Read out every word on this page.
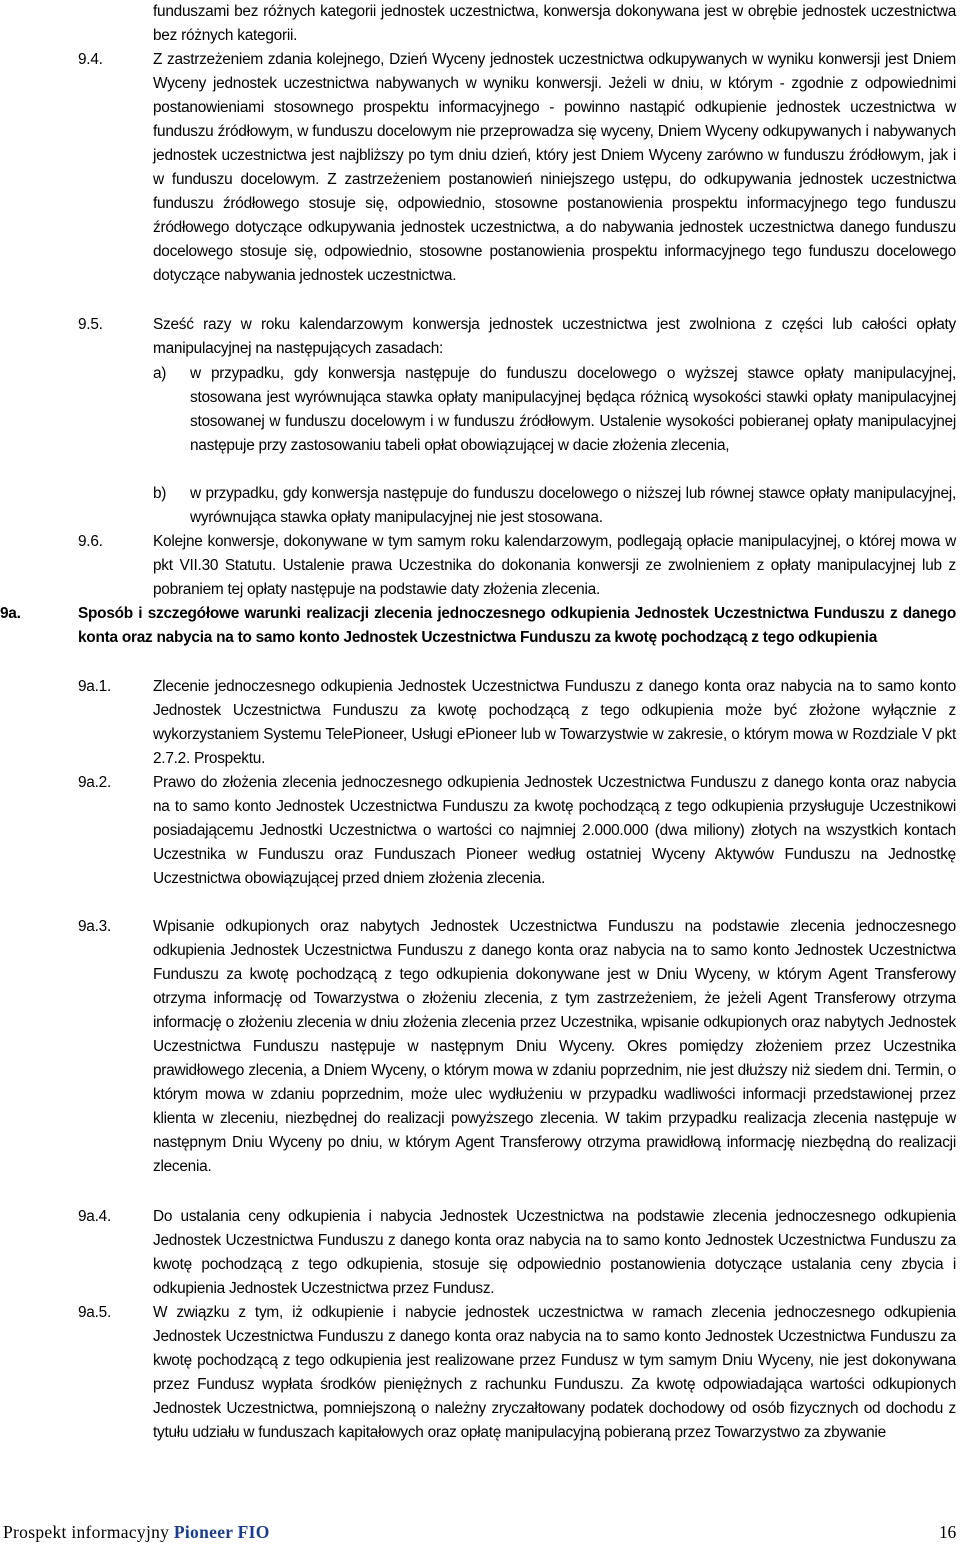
funduszami bez różnych kategorii jednostek uczestnictwa, konwersja dokonywana jest w obrębie jednostek uczestnictwa bez różnych kategorii.

9.4.	Z zastrzeżeniem zdania kolejnego, Dzień Wyceny jednostek uczestnictwa odkupywanych w wyniku konwersji jest Dniem Wyceny jednostek uczestnictwa nabywanych w wyniku konwersji. Jeżeli w dniu, w którym - zgodnie z odpowiednimi postanowieniami stosownego prospektu informacyjnego - powinno nastąpić odkupienie jednostek uczestnictwa w funduszu źródłowym, w funduszu docelowym nie przeprowadza się wyceny, Dniem Wyceny odkupywanych i nabywanych jednostek uczestnictwa jest najbliższy po tym dniu dzień, który jest Dniem Wyceny zarówno w funduszu źródłowym, jak i w funduszu docelowym. Z zastrzeżeniem postanowień niniejszego ustępu, do odkupywania jednostek uczestnictwa funduszu źródłowego stosuje się, odpowiednio, stosowne postanowienia prospektu informacyjnego tego funduszu źródłowego dotyczące odkupywania jednostek uczestnictwa, a do nabywania jednostek uczestnictwa danego funduszu docelowego stosuje się, odpowiednio, stosowne postanowienia prospektu informacyjnego tego funduszu docelowego dotyczące nabywania jednostek uczestnictwa.

9.5.	Sześć razy w roku kalendarzowym konwersja jednostek uczestnictwa jest zwolniona z części lub całości opłaty manipulacyjnej na następujących zasadach:

a) w przypadku, gdy konwersja następuje do funduszu docelowego o wyższej stawce opłaty manipulacyjnej, stosowana jest wyrównująca stawka opłaty manipulacyjnej będąca różnicą wysokości stawki opłaty manipulacyjnej stosowanej w funduszu docelowym i w funduszu źródłowym. Ustalenie wysokości pobieranej opłaty manipulacyjnej następuje przy zastosowaniu tabeli opłat obowiązującej w dacie złożenia zlecenia,

b) w przypadku, gdy konwersja następuje do funduszu docelowego o niższej lub równej stawce opłaty manipulacyjnej, wyrównująca stawka opłaty manipulacyjnej nie jest stosowana.

9.6.	Kolejne konwersje, dokonywane w tym samym roku kalendarzowym, podlegają opłacie manipulacyjnej, o której mowa w pkt VII.30 Statutu. Ustalenie prawa Uczestnika do dokonania konwersji ze zwolnieniem z opłaty manipulacyjnej lub z pobraniem tej opłaty następuje na podstawie daty złożenia zlecenia.

9a.	Sposób i szczegółowe warunki realizacji zlecenia jednoczesnego odkupienia Jednostek Uczestnictwa Funduszu z danego konta oraz nabycia na to samo konto Jednostek Uczestnictwa Funduszu za kwotę pochodzącą z tego odkupienia

9a.1.	Zlecenie jednoczesnego odkupienia Jednostek Uczestnictwa Funduszu z danego konta oraz nabycia na to samo konto Jednostek Uczestnictwa Funduszu za kwotę pochodzącą z tego odkupienia może być złożone wyłącznie z wykorzystaniem Systemu TelePioneer, Usługi ePioneer lub w Towarzystwie w zakresie, o którym mowa w Rozdziale V pkt 2.7.2. Prospektu.

9a.2.	Prawo do złożenia zlecenia jednoczesnego odkupienia Jednostek Uczestnictwa Funduszu z danego konta oraz nabycia na to samo konto Jednostek Uczestnictwa Funduszu za kwotę pochodzącą z tego odkupienia przysługuje Uczestnikowi posiadającemu Jednostki Uczestnictwa o wartości co najmniej 2.000.000 (dwa miliony) złotych na wszystkich kontach Uczestnika w Funduszu oraz Funduszach Pioneer według ostatniej Wyceny Aktywów Funduszu na Jednostkę Uczestnictwa obowiązującej przed dniem złożenia zlecenia.

9a.3.	Wpisanie odkupionych oraz nabytych Jednostek Uczestnictwa Funduszu na podstawie zlecenia jednoczesnego odkupienia Jednostek Uczestnictwa Funduszu z danego konta oraz nabycia na to samo konto Jednostek Uczestnictwa Funduszu za kwotę pochodzącą z tego odkupienia dokonywane jest w Dniu Wyceny, w którym Agent Transferowy otrzyma informację od Towarzystwa o złożeniu zlecenia, z tym zastrzeżeniem, że jeżeli Agent Transferowy otrzyma informację o złożeniu zlecenia w dniu złożenia zlecenia przez Uczestnika, wpisanie odkupionych oraz nabytych Jednostek Uczestnictwa Funduszu następuje w następnym Dniu Wyceny. Okres pomiędzy złożeniem przez Uczestnika prawidłowego zlecenia, a Dniem Wyceny, o którym mowa w zdaniu poprzednim, nie jest dłuższy niż siedem dni. Termin, o którym mowa w zdaniu poprzednim, może ulec wydłużeniu w przypadku wadliwości informacji przedstawionej przez klienta w zleceniu, niezbędnej do realizacji powyższego zlecenia. W takim przypadku realizacja zlecenia następuje w następnym Dniu Wyceny po dniu, w którym Agent Transferowy otrzyma prawidłową informację niezbędną do realizacji zlecenia.

9a.4.	Do ustalania ceny odkupienia i nabycia Jednostek Uczestnictwa na podstawie zlecenia jednoczesnego odkupienia Jednostek Uczestnictwa Funduszu z danego konta oraz nabycia na to samo konto Jednostek Uczestnictwa Funduszu za kwotę pochodzącą z tego odkupienia, stosuje się odpowiednio postanowienia dotyczące ustalania ceny zbycia i odkupienia Jednostek Uczestnictwa przez Fundusz.

9a.5.	W związku z tym, iż odkupienie i nabycie jednostek uczestnictwa w ramach zlecenia jednoczesnego odkupienia Jednostek Uczestnictwa Funduszu z danego konta oraz nabycia na to samo konto Jednostek Uczestnictwa Funduszu za kwotę pochodzącą z tego odkupienia jest realizowane przez Fundusz w tym samym Dniu Wyceny, nie jest dokonywana przez Fundusz wypłata środków pieniężnych z rachunku Funduszu. Za kwotę odpowiadająca wartości odkupionych Jednostek Uczestnictwa, pomniejszoną o należny zryczałtowany podatek dochodowy od osób fizycznych od dochodu z tytułu udziału w funduszach kapitałowych oraz opłatę manipulacyjną pobieraną przez Towarzystwo za zbywanie

Prospekt informacyjny Pioneer FIO	16
